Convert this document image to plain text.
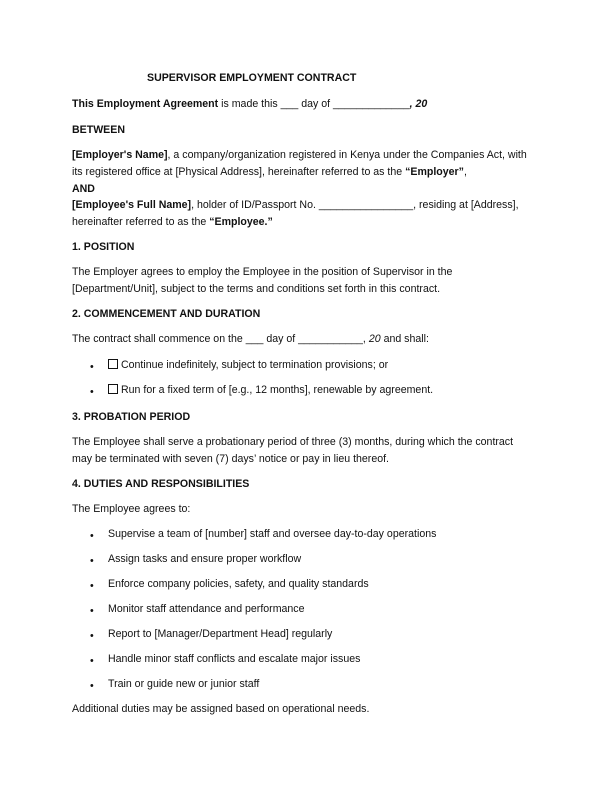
SUPERVISOR EMPLOYMENT CONTRACT
This Employment Agreement is made this ___ day of _____________, 20
BETWEEN
[Employer's Name], a company/organization registered in Kenya under the Companies Act, with
its registered office at [Physical Address], hereinafter referred to as the “Employer”,
AND
[Employee's Full Name], holder of ID/Passport No. ________________, residing at [Address],
hereinafter referred to as the “Employee.”
1. POSITION
The Employer agrees to employ the Employee in the position of Supervisor in the
[Department/Unit], subject to the terms and conditions set forth in this contract.
2. COMMENCEMENT AND DURATION
The contract shall commence on the ___ day of ___________, 20 and shall:
•	Continue indefinitely, subject to termination provisions; or
•	Run for a fixed term of [e.g., 12 months], renewable by agreement.
3. PROBATION PERIOD
The Employee shall serve a probationary period of three (3) months, during which the contract
may be terminated with seven (7) days’ notice or pay in lieu thereof.
4. DUTIES AND RESPONSIBILITIES
The Employee agrees to:
• Supervise a team of [number] staff and oversee day-to-day operations
• Assign tasks and ensure proper workflow
• Enforce company policies, safety, and quality standards
• Monitor staff attendance and performance
• Report to [Manager/Department Head] regularly
• Handle minor staff conflicts and escalate major issues
• Train or guide new or junior staff
Additional duties may be assigned based on operational needs.
